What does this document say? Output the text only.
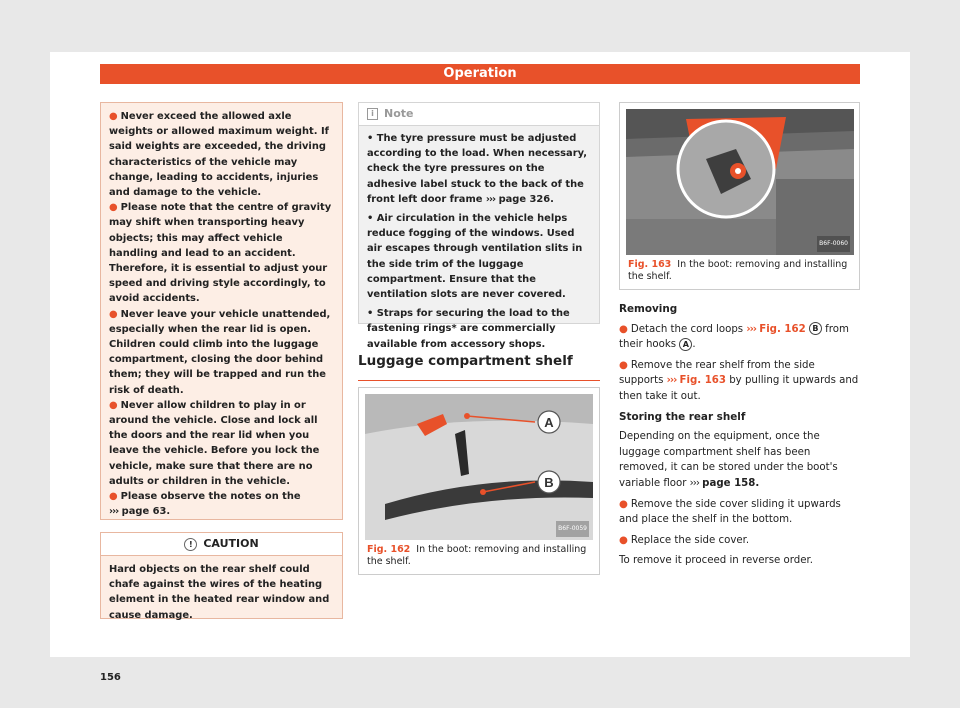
Operation

● Never exceed the allowed axle weights or allowed maximum weight. If said weights are exceeded, the driving characteristics of the vehicle may change, leading to accidents, injuries and damage to the vehicle.

● Please note that the centre of gravity may shift when transporting heavy objects; this may affect vehicle handling and lead to an accident. Therefore, it is essential to adjust your speed and driving style accordingly, to avoid accidents.

● Never leave your vehicle unattended, especially when the rear lid is open. Children could climb into the luggage compartment, closing the door behind them; they will be trapped and run the risk of death.

● Never allow children to play in or around the vehicle. Close and lock all the doors and the rear lid when you leave the vehicle. Before you lock the vehicle, make sure that there are no adults or children in the vehicle.

● Please observe the notes on the
››› page 63.

! CAUTION
Hard objects on the rear shelf could chafe against the wires of the heating element in the heated rear window and cause damage.
i Note

• The tyre pressure must be adjusted according to the load. When necessary, check the tyre pressures on the adhesive label stuck to the back of the front left door frame ››› page 326.

• Air circulation in the vehicle helps reduce fogging of the windows. Used air escapes through ventilation slits in the side trim of the luggage compartment. Ensure that the ventilation slots are never covered.

• Straps for securing the load to the fastening rings* are commercially available from accessory shops.

Luggage compartment shelf
A
B
B6F-0059
Fig. 162 In the boot: removing and installing the shelf.
B6F-0060
Fig. 163 In the boot: removing and installing the shelf.
Removing

● Detach the cord loops ››› Fig. 162 B from their hooks A .

● Remove the rear shelf from the side supports ››› Fig. 163 by pulling it upwards and then take it out.

Storing the rear shelf

Depending on the equipment, once the luggage compartment shelf has been removed, it can be stored under the boot's variable floor ››› page 158.

● Remove the side cover sliding it upwards and place the shelf in the bottom.

● Replace the side cover.

To remove it proceed in reverse order.

156
